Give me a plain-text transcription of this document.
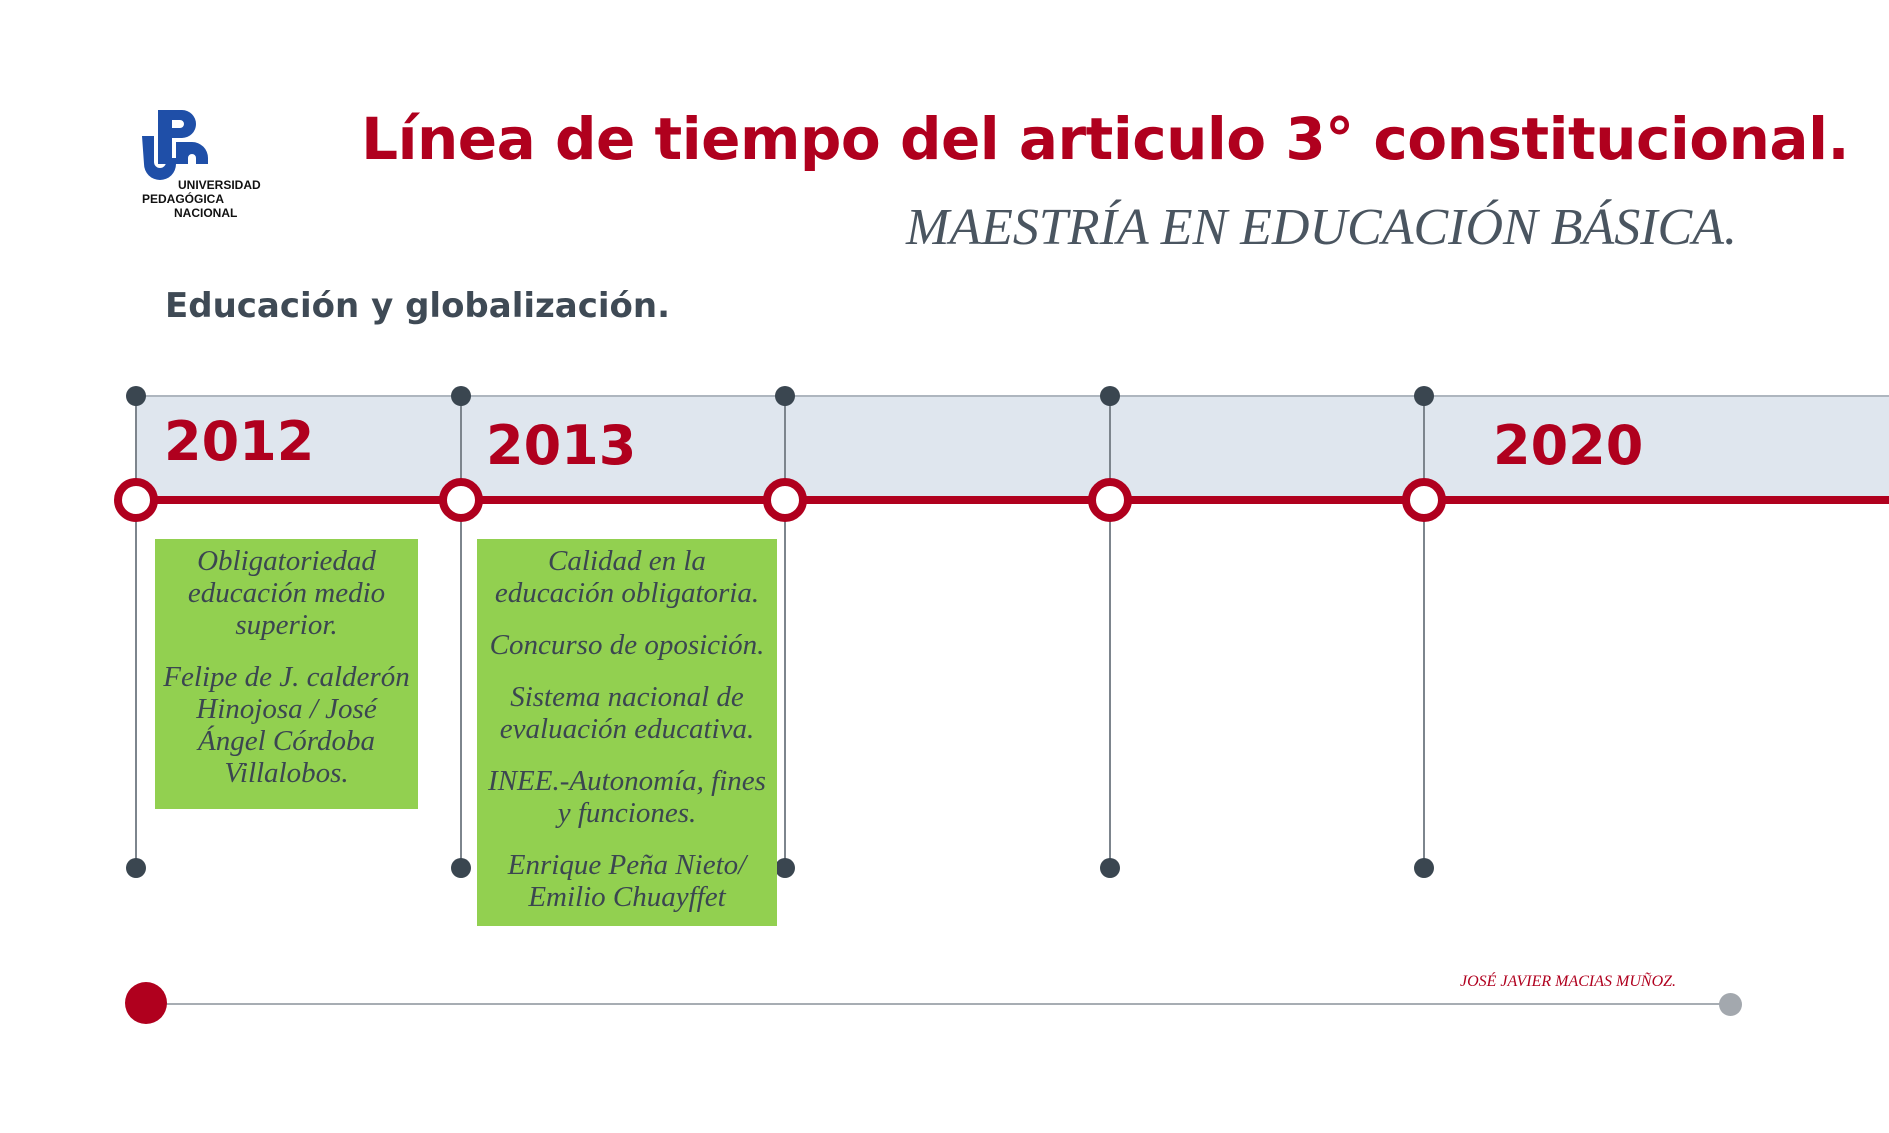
UNIVERSIDAD
PEDAGÓGICA
NACIONAL
Línea de tiempo del articulo 3° constitucional.
MAESTRÍA EN EDUCACIÓN BÁSICA.
Educación y globalización.
2012	2013	2020

Obligatoriedad educación medio superior.

Felipe de J. calderón Hinojosa / José Ángel Córdoba Villalobos.

Calidad en la educación obligatoria.

Concurso de oposición.

Sistema nacional de evaluación educativa.

INEE.-Autonomía, fines y funciones.

Enrique Peña Nieto/ Emilio Chuayffet

JOSÉ JAVIER MACIAS MUÑOZ.
